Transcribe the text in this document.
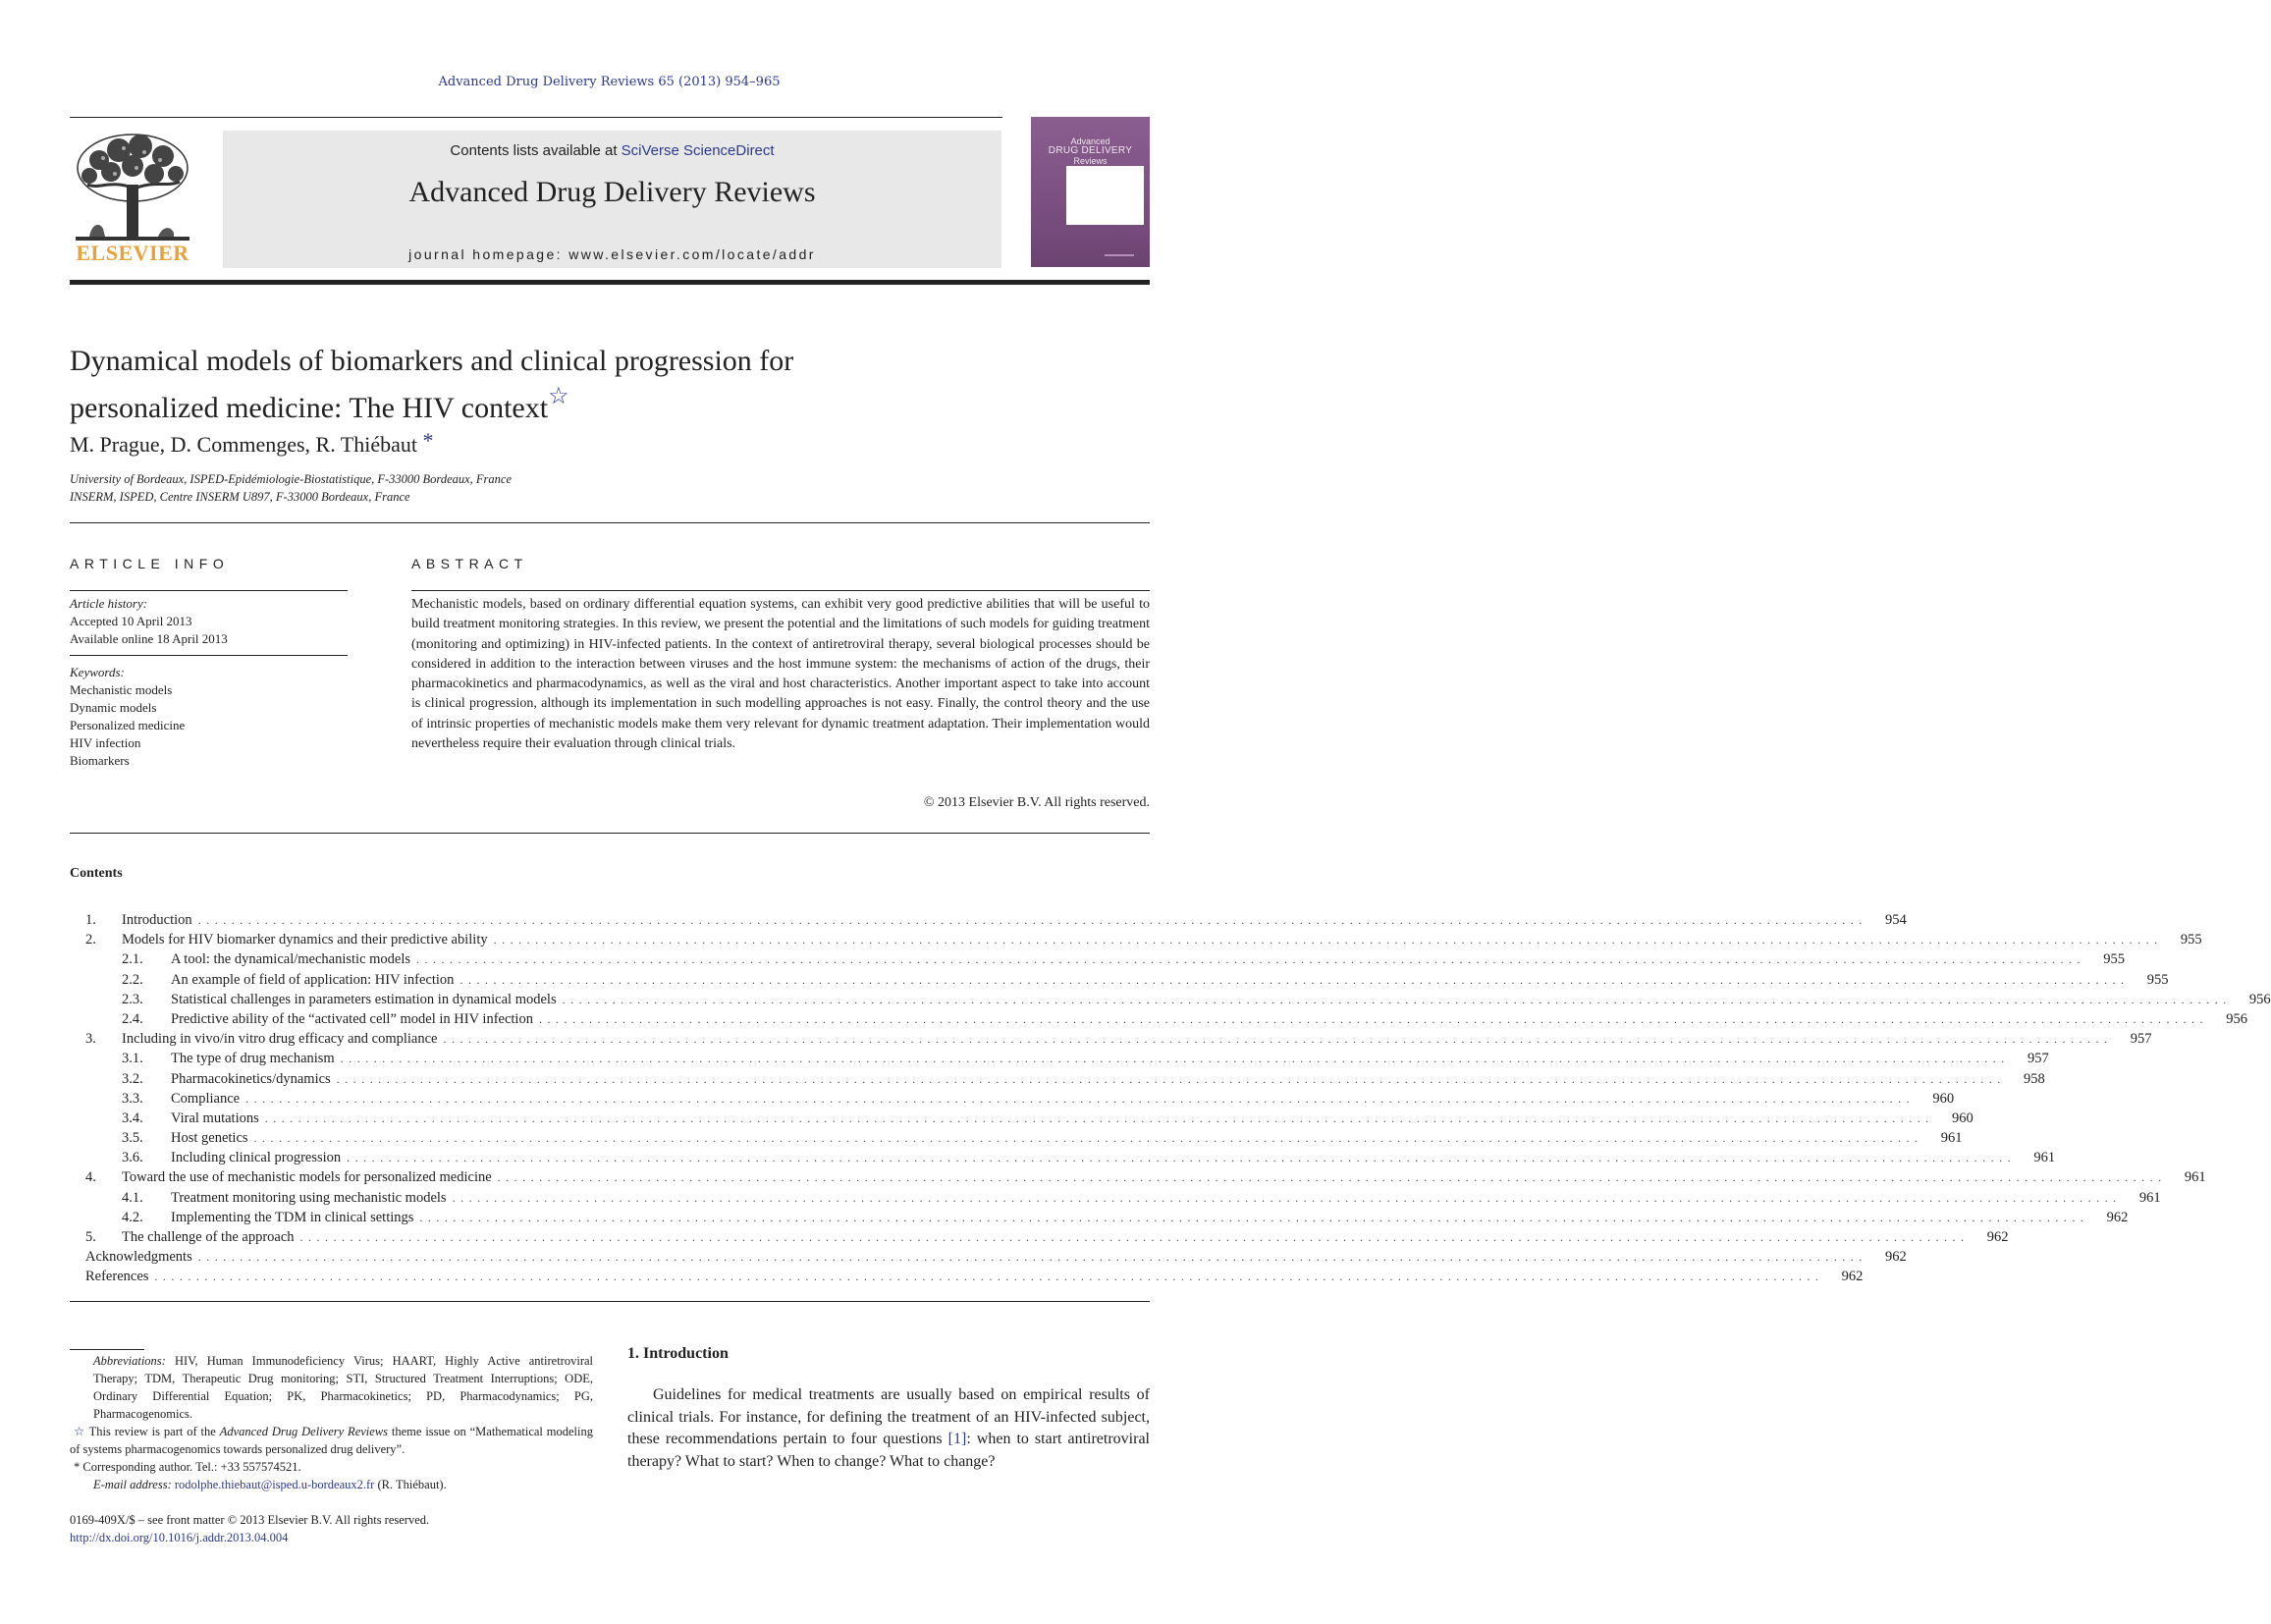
Advanced Drug Delivery Reviews 65 (2013) 954–965
ELSEVIER
Contents lists available at SciVerse ScienceDirect
Advanced Drug Delivery Reviews
journal homepage: www.elsevier.com/locate/addr
Advanced
DRUG DELIVERY
Reviews
Dynamical models of biomarkers and clinical progression for
personalized medicine: The HIV context☆
M. Prague, D. Commenges, R. Thiébaut *
University of Bordeaux, ISPED-Epidémiologie-Biostatistique, F-33000 Bordeaux, France
INSERM, ISPED, Centre INSERM U897, F-33000 Bordeaux, France
ARTICLE INFO	ABSTRACT
Article history:
Accepted 10 April 2013
Available online 18 April 2013
Keywords:
Mechanistic models
Dynamic models
Personalized medicine
HIV infection
Biomarkers
Mechanistic models, based on ordinary differential equation systems, can exhibit very good predictive abilities that will be useful to build treatment monitoring strategies. In this review, we present the potential and the limitations of such models for guiding treatment (monitoring and optimizing) in HIV-infected patients. In the context of antiretroviral therapy, several biological processes should be considered in addition to the interaction between viruses and the host immune system: the mechanisms of action of the drugs, their pharmacokinetics and pharmacodynamics, as well as the viral and host characteristics. Another important aspect to take into account is clinical progression, although its implementation in such modelling approaches is not easy. Finally, the control theory and the use of intrinsic properties of mechanistic models make them very relevant for dynamic treatment adaptation. Their implementation would nevertheless require their evaluation through clinical trials.
© 2013 Elsevier B.V. All rights reserved.
Contents
1.	Introduction ........................................................................................................................................................................................................	954
2.	Models for HIV biomarker dynamics and their predictive ability ........................................................................................................................................................................................................	955
2.1.	A tool: the dynamical/mechanistic models ........................................................................................................................................................................................................	955
2.2.	An example of field of application: HIV infection ........................................................................................................................................................................................................	955
2.3.	Statistical challenges in parameters estimation in dynamical models ........................................................................................................................................................................................................	956
2.4.	Predictive ability of the “activated cell” model in HIV infection ........................................................................................................................................................................................................	956
3.	Including in vivo/in vitro drug efficacy and compliance ........................................................................................................................................................................................................	957
3.1.	The type of drug mechanism ........................................................................................................................................................................................................	957
3.2.	Pharmacokinetics/dynamics ........................................................................................................................................................................................................	958
3.3.	Compliance ........................................................................................................................................................................................................	960
3.4.	Viral mutations ........................................................................................................................................................................................................	960
3.5.	Host genetics ........................................................................................................................................................................................................	961
3.6.	Including clinical progression ........................................................................................................................................................................................................	961
4.	Toward the use of mechanistic models for personalized medicine ........................................................................................................................................................................................................	961
4.1.	Treatment monitoring using mechanistic models ........................................................................................................................................................................................................	961
4.2.	Implementing the TDM in clinical settings ........................................................................................................................................................................................................	962
5.	The challenge of the approach ........................................................................................................................................................................................................	962
Acknowledgments ........................................................................................................................................................................................................	962
References ........................................................................................................................................................................................................	962
Abbreviations: HIV, Human Immunodeficiency Virus; HAART, Highly Active antiretroviral Therapy; TDM, Therapeutic Drug monitoring; STI, Structured Treatment Interruptions; ODE, Ordinary Differential Equation; PK, Pharmacokinetics; PD, Pharmacodynamics; PG, Pharmacogenomics.
☆ This review is part of the Advanced Drug Delivery Reviews theme issue on “Mathematical modeling of systems pharmacogenomics towards personalized drug delivery”.
* Corresponding author. Tel.: +33 557574521.
E-mail address: rodolphe.thiebaut@isped.u-bordeaux2.fr (R. Thiébaut).
0169-409X/$ – see front matter © 2013 Elsevier B.V. All rights reserved.
http://dx.doi.org/10.1016/j.addr.2013.04.004
1. Introduction
Guidelines for medical treatments are usually based on empirical results of clinical trials. For instance, for defining the treatment of an HIV-infected subject, these recommendations pertain to four questions [1]: when to start antiretroviral therapy? What to start? When to change? What to change?
